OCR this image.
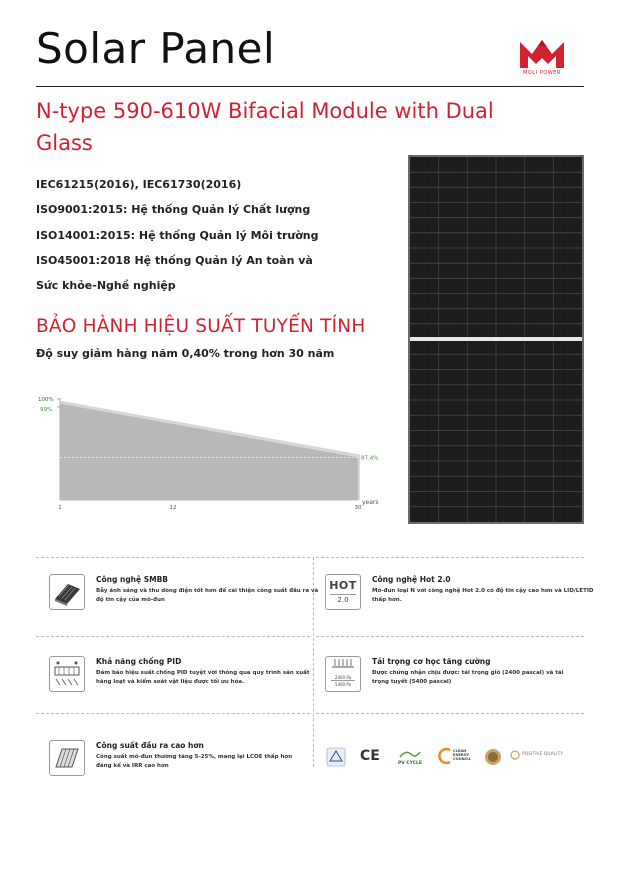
Solar Panel	MOLI POWER
N-type 590-610W Bifacial Module with Dual Glass
IEC61215(2016), IEC61730(2016)
ISO9001:2015: Hệ thống Quản lý Chất lượng
ISO14001:2015: Hệ thống Quản lý Môi trường
ISO45001:2018 Hệ thống Quản lý An toàn và
Sức khỏe-Nghề nghiệp
BẢO HÀNH HIỆU SUẤT TUYẾN TÍNH
Độ suy giảm hàng năm 0,40% trong hơn 30 năm
100%
99%
87.4%
1	12	30
years
Công nghệ SMBB
Bẫy ánh sáng và thu dòng điện tốt hơn để cải thiện công suất đầu ra và độ tin cậy của mô-đun
HOT
2.0
Công nghệ Hot 2.0
Mô-đun loại N với công nghệ Hot 2.0 có độ tin cậy cao hơn và LID/LETID thấp hơn.
Khả năng chống PID
Đảm bảo hiệu suất chống PID tuyệt vời thông qua quy trình sản xuất hàng loạt và kiểm soát vật liệu được tối ưu hóa.
2400 Pa
5400 Pa
Tải trọng cơ học tăng cường
Được chứng nhận chịu được: tải trọng gió (2400 pascal) và tải trọng tuyết (5400 pascal)
Công suất đầu ra cao hơn
Công suất mô-đun thường tăng 5-25%, mang lại LCOE thấp hơn đáng kể và IRR cao hơn
CE	PV CYCLE
CLEAN ENERGY COUNCIL
POSITIVE QUALITY
